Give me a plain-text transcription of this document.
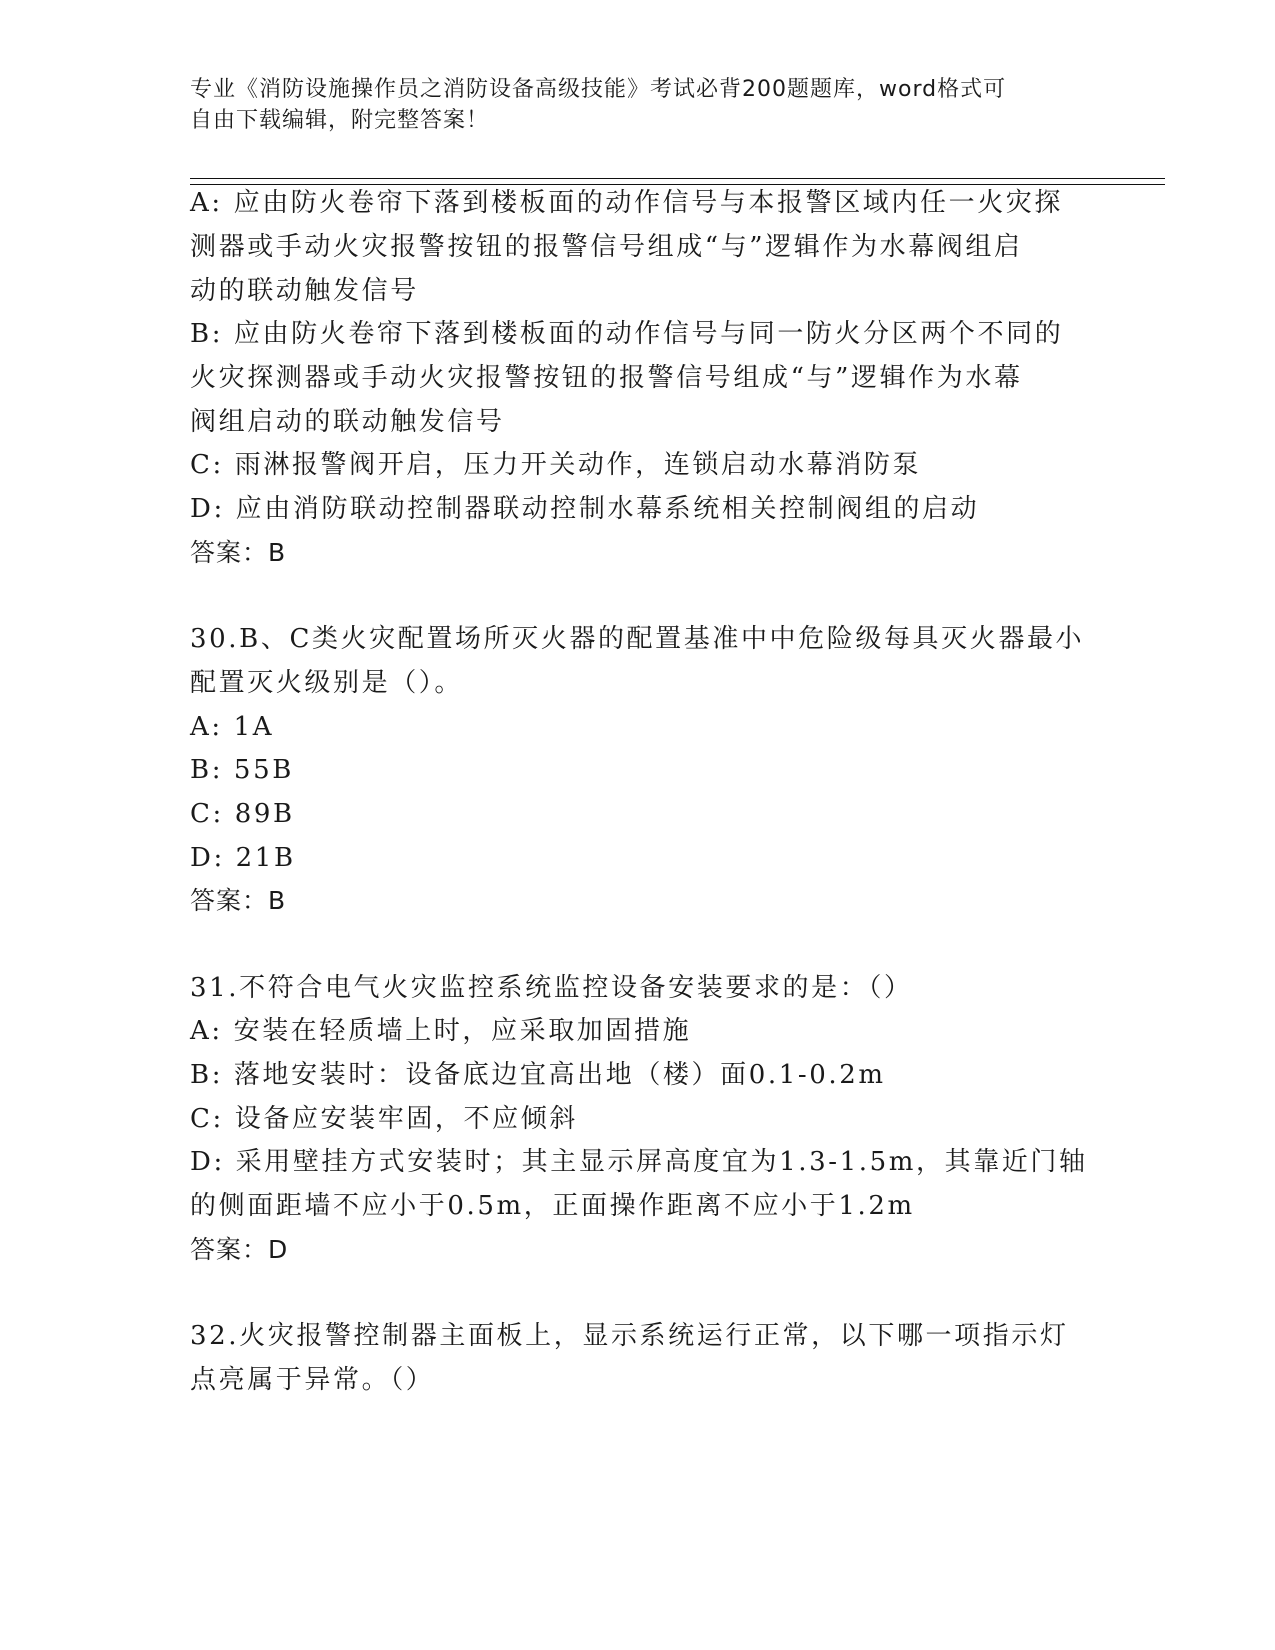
专业《消防设施操作员之消防设备高级技能》考试必背200题题库，word格式可
自由下载编辑，附完整答案！
A: 应由防火卷帘下落到楼板面的动作信号与本报警区域内任一火灾探
测器或手动火灾报警按钮的报警信号组成“与”逻辑作为水幕阀组启
动的联动触发信号
B: 应由防火卷帘下落到楼板面的动作信号与同一防火分区两个不同的
火灾探测器或手动火灾报警按钮的报警信号组成“与”逻辑作为水幕
阀组启动的联动触发信号
C: 雨淋报警阀开启，压力开关动作，连锁启动水幕消防泵
D: 应由消防联动控制器联动控制水幕系统相关控制阀组的启动
答案：B
30.B、C类火灾配置场所灭火器的配置基准中中危险级每具灭火器最小
配置灭火级别是（）。
A: 1A
B: 55B
C: 89B
D: 21B
答案：B
31.不符合电气火灾监控系统监控设备安装要求的是：（）
A: 安装在轻质墙上时，应采取加固措施
B: 落地安装时：设备底边宜高出地（楼）面0.1-0.2m
C: 设备应安装牢固，不应倾斜
D: 采用壁挂方式安装时；其主显示屏高度宜为1.3-1.5m，其靠近门轴
的侧面距墙不应小于0.5m，正面操作距离不应小于1.2m
答案：D
32.火灾报警控制器主面板上，显示系统运行正常，以下哪一项指示灯
点亮属于异常。（）
